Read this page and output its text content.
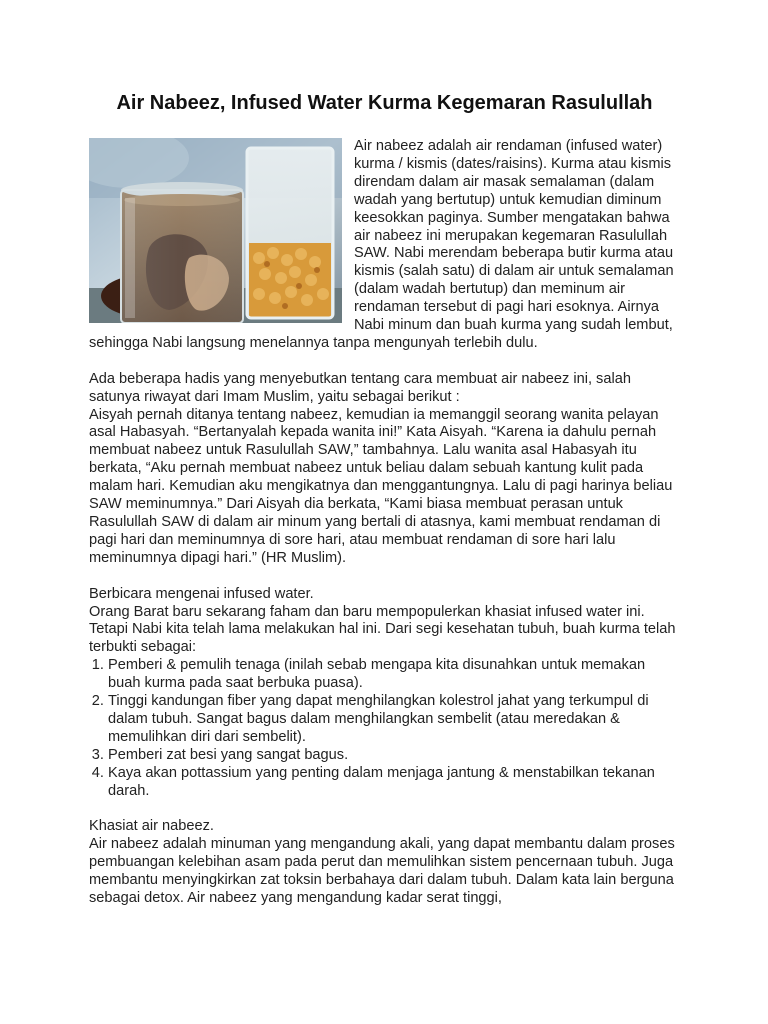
Air Nabeez, Infused Water Kurma Kegemaran Rasulullah

Air nabeez adalah air rendaman (infused water) kurma / kismis (dates/raisins). Kurma atau kismis direndam dalam air masak semalaman (dalam wadah yang bertutup) untuk kemudian diminum keesokkan paginya. Sumber mengatakan bahwa air nabeez ini merupakan kegemaran Rasulullah SAW. Nabi merendam beberapa butir kurma atau kismis (salah satu) di dalam air untuk semalaman (dalam wadah bertutup) dan meminum air rendaman tersebut di pagi hari esoknya. Airnya Nabi minum dan buah kurma yang sudah lembut, sehingga Nabi langsung menelannya tanpa mengunyah terlebih dulu.

Ada beberapa hadis yang menyebutkan tentang cara membuat air nabeez ini, salah satunya riwayat dari Imam Muslim, yaitu sebagai berikut :

Aisyah pernah ditanya tentang nabeez, kemudian ia memanggil seorang wanita pelayan asal Habasyah. “Bertanyalah kepada wanita ini!” Kata Aisyah. “Karena ia dahulu pernah membuat nabeez untuk Rasulullah SAW,” tambahnya. Lalu wanita asal Habasyah itu berkata, “Aku pernah membuat nabeez untuk beliau dalam sebuah kantung kulit pada malam hari. Kemudian aku mengikatnya dan menggantungnya. Lalu di pagi harinya beliau SAW meminumnya.” Dari Aisyah dia berkata, “Kami biasa membuat perasan untuk Rasulullah SAW di dalam air minum yang bertali di atasnya, kami membuat rendaman di pagi hari dan meminumnya di sore hari, atau membuat rendaman di sore hari lalu meminumnya dipagi hari.” (HR Muslim).

Berbicara mengenai infused water.

Orang Barat baru sekarang faham dan baru mempopulerkan khasiat infused water ini. Tetapi Nabi kita telah lama melakukan hal ini. Dari segi kesehatan tubuh, buah kurma telah terbukti sebagai:

1. Pemberi & pemulih tenaga (inilah sebab mengapa kita disunahkan untuk memakan buah kurma pada saat berbuka puasa).
2. Tinggi kandungan fiber yang dapat menghilangkan kolestrol jahat yang terkumpul di dalam tubuh. Sangat bagus dalam menghilangkan sembelit (atau meredakan & memulihkan diri dari sembelit).
3. Pemberi zat besi yang sangat bagus.
4. Kaya akan pottassium yang penting dalam menjaga jantung & menstabilkan tekanan darah.

Khasiat air nabeez.

Air nabeez adalah minuman yang mengandung akali, yang dapat membantu dalam proses pembuangan kelebihan asam pada perut dan memulihkan sistem pencernaan tubuh. Juga membantu menyingkirkan zat toksin berbahaya dari dalam tubuh. Dalam kata lain berguna sebagai detox. Air nabeez yang mengandung kadar serat tinggi,
